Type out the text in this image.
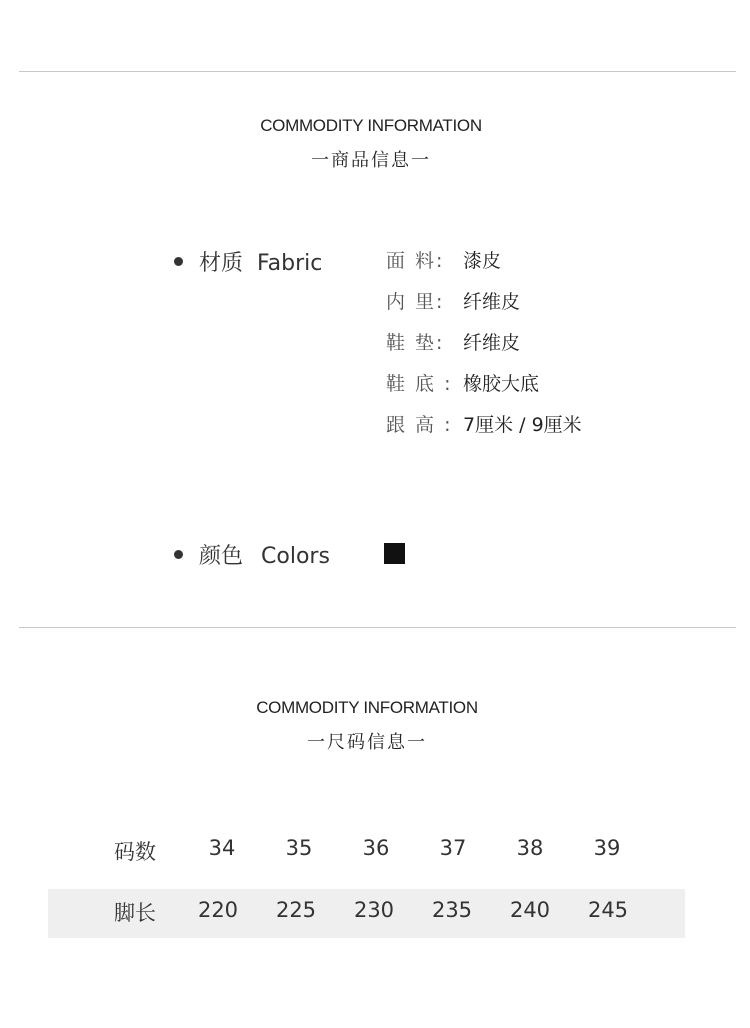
COMMODITY INFORMATION
一商品信息一
材质 Fabric	面 料: 漆皮
内 里: 纤维皮
鞋 垫: 纤维皮
鞋 底 : 橡胶大底
跟 高 : 7厘米 / 9厘米
颜色 Colors
COMMODITY INFORMATION
一尺码信息一
码数	34	35	36	37	38	39
脚长	220	225	230	235	240	245
